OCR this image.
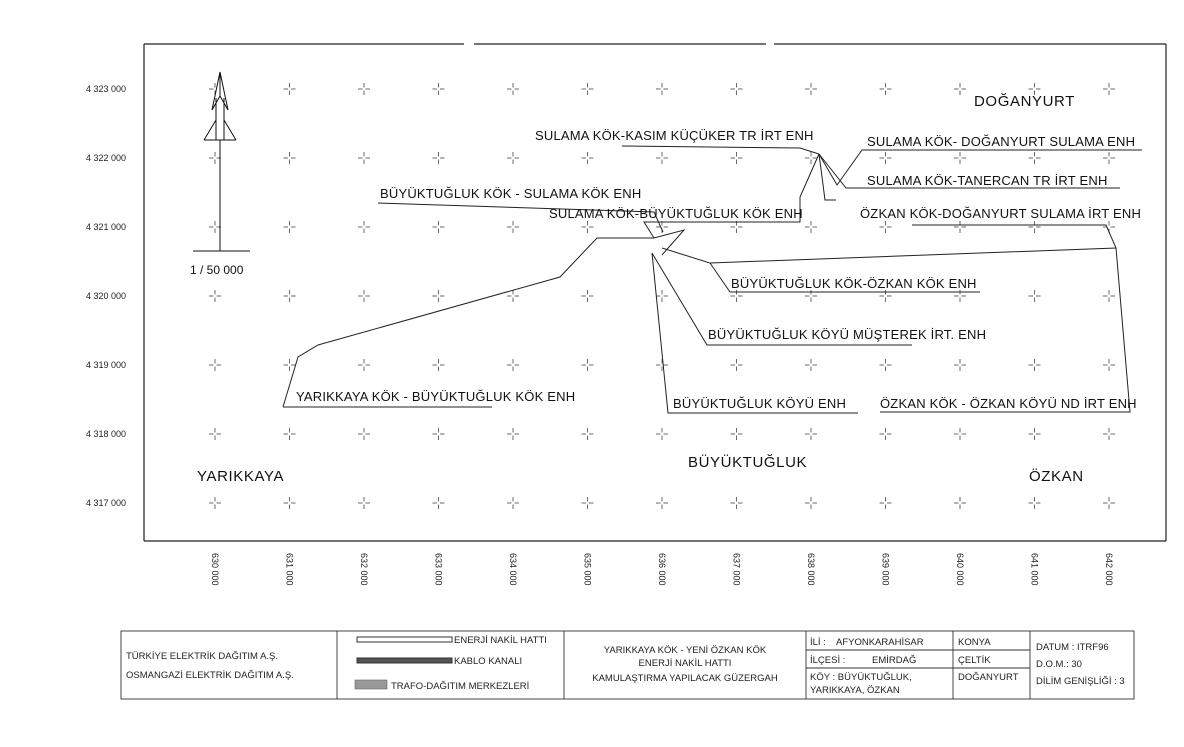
4 323 000
4 322 000
4 321 000
4 320 000
4 319 000
4 318 000
4 317 000
630 000	631 000	632 000	633 000	634 000	635 000	636 000	637 000	638 000	639 000	640 000	641 000	642 000
1 / 50 000
SULAMA KÖK-KASIM KÜÇÜKER TR İRT ENH	SULAMA KÖK- DOĞANYURT SULAMA ENH
SULAMA KÖK-TANERCAN TR İRT ENH
BÜYÜKTUĞLUK KÖK - SULAMA KÖK ENH
SULAMA KÖK-BÜYÜKTUĞLUK KÖK ENH	ÖZKAN KÖK-DOĞANYURT SULAMA İRT ENH
BÜYÜKTUĞLUK KÖK-ÖZKAN KÖK ENH
BÜYÜKTUĞLUK KÖYÜ MÜŞTEREK İRT. ENH
YARIKKAYA KÖK - BÜYÜKTUĞLUK KÖK ENH	BÜYÜKTUĞLUK KÖYÜ ENH	ÖZKAN KÖK - ÖZKAN KÖYÜ ND İRT ENH
DOĞANYURT
YARIKKAYA
BÜYÜKTUĞLUK
ÖZKAN
TÜRKİYE ELEKTRİK DAĞITIM A.Ş.
OSMANGAZİ ELEKTRİK DAĞITIM A.Ş.
ENERJİ NAKİL HATTI
KABLO KANALI
TRAFO-DAĞITIM MERKEZLERİ
YARIKKAYA KÖK - YENİ ÖZKAN KÖK
ENERJİ NAKİL HATTI
KAMULAŞTIRMA YAPILACAK GÜZERGAH
İLİ : AFYONKARAHİSAR
İLÇESİ :	EMİRDAĞ
KÖY : BÜYÜKTUĞLUK,
YARIKKAYA, ÖZKAN
KONYA
ÇELTİK
DOĞANYURT
DATUM : ITRF96
D.O.M.: 30
DİLİM GENİŞLİĞİ : 3
